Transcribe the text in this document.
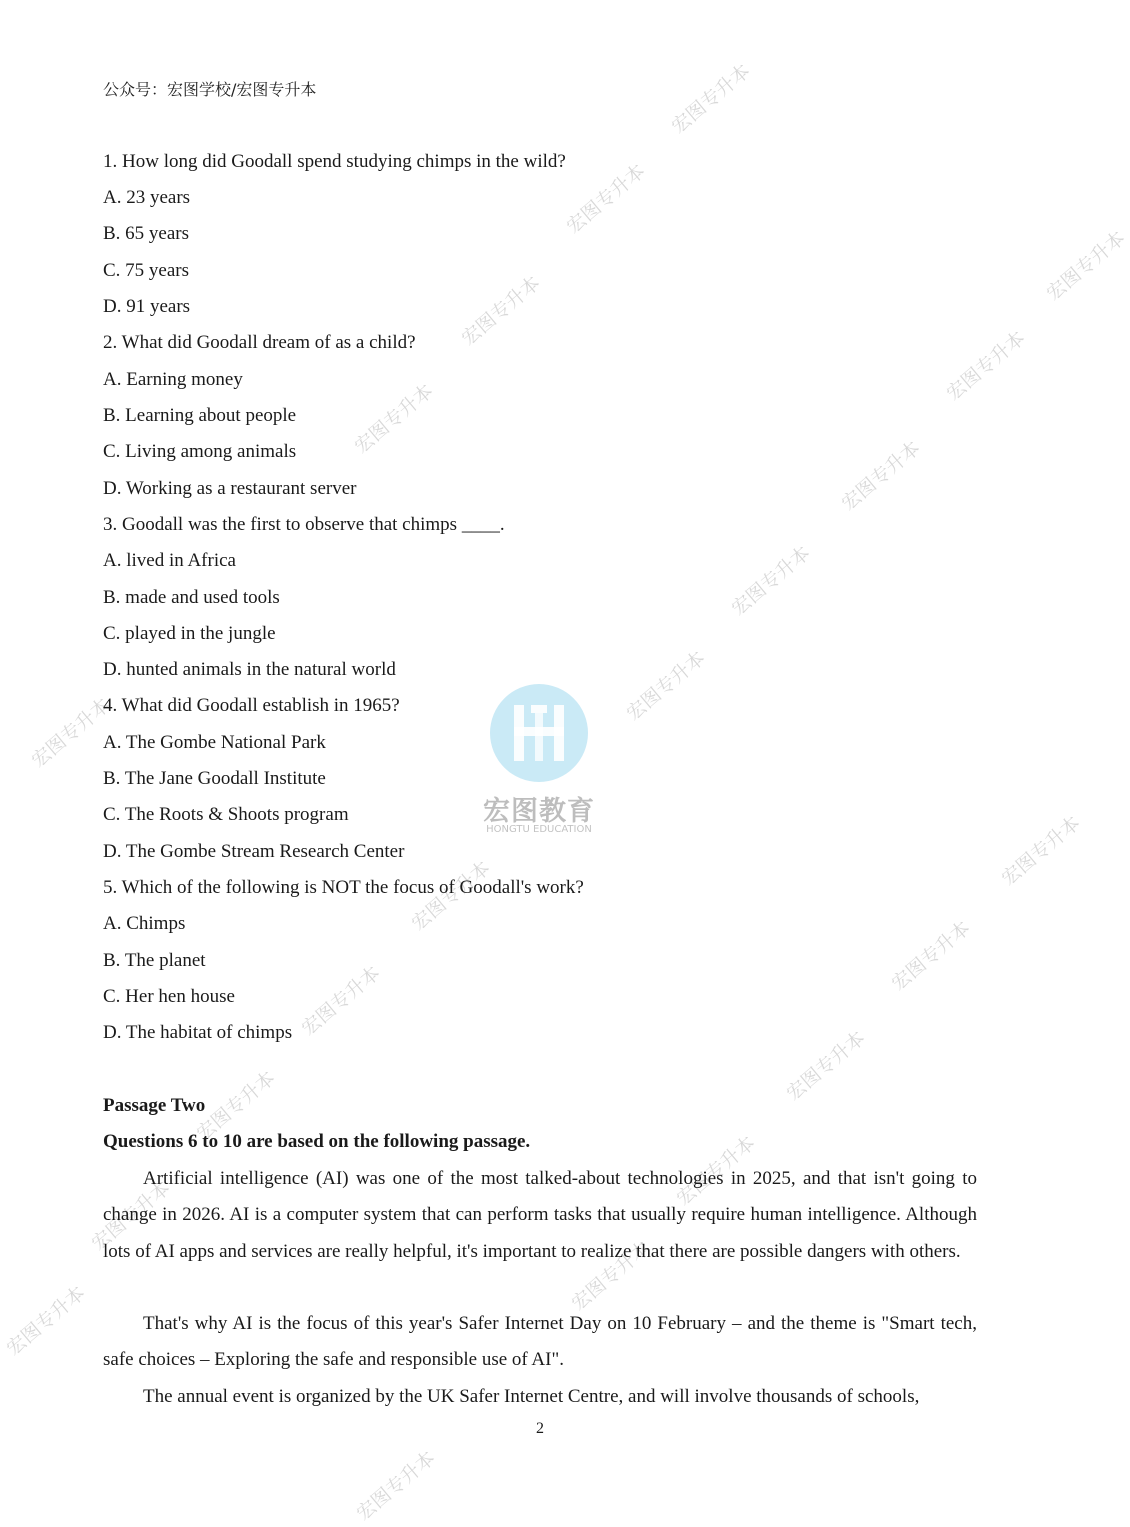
宏图专升本
宏图专升本
宏图专升本
宏图专升本
宏图专升本
宏图专升本
宏图专升本
宏图专升本
宏图专升本
宏图专升本
宏图专升本
宏图专升本
宏图专升本
宏图专升本
宏图专升本
宏图专升本
宏图专升本
宏图专升本
宏图专升本
宏图专升本
宏图专升本
宏图教育
HONGTU EDUCATION
公众号：宏图学校/宏图专升本
1. How long did Goodall spend studying chimps in the wild?
A. 23 years
B. 65 years
C. 75 years
D. 91 years
2. What did Goodall dream of as a child?
A. Earning money
B. Learning about people
C. Living among animals
D. Working as a restaurant server
3. Goodall was the first to observe that chimps ____.
A. lived in Africa
B. made and used tools
C. played in the jungle
D. hunted animals in the natural world
4. What did Goodall establish in 1965?
A. The Gombe National Park
B. The Jane Goodall Institute
C. The Roots & Shoots program
D. The Gombe Stream Research Center
5. Which of the following is NOT the focus of Goodall's work?
A. Chimps
B. The planet
C. Her hen house
D. The habitat of chimps
Passage Two
Questions 6 to 10 are based on the following passage.
Artificial intelligence (AI) was one of the most talked-about technologies in 2025, and that isn't going to change in 2026. AI is a computer system that can perform tasks that usually require human intelligence. Although lots of AI apps and services are really helpful, it's important to realize that there are possible dangers with others.
That's why AI is the focus of this year's Safer Internet Day on 10 February – and the theme is "Smart tech, safe choices – Exploring the safe and responsible use of AI".
The annual event is organized by the UK Safer Internet Centre, and will involve thousands of schools,
2
